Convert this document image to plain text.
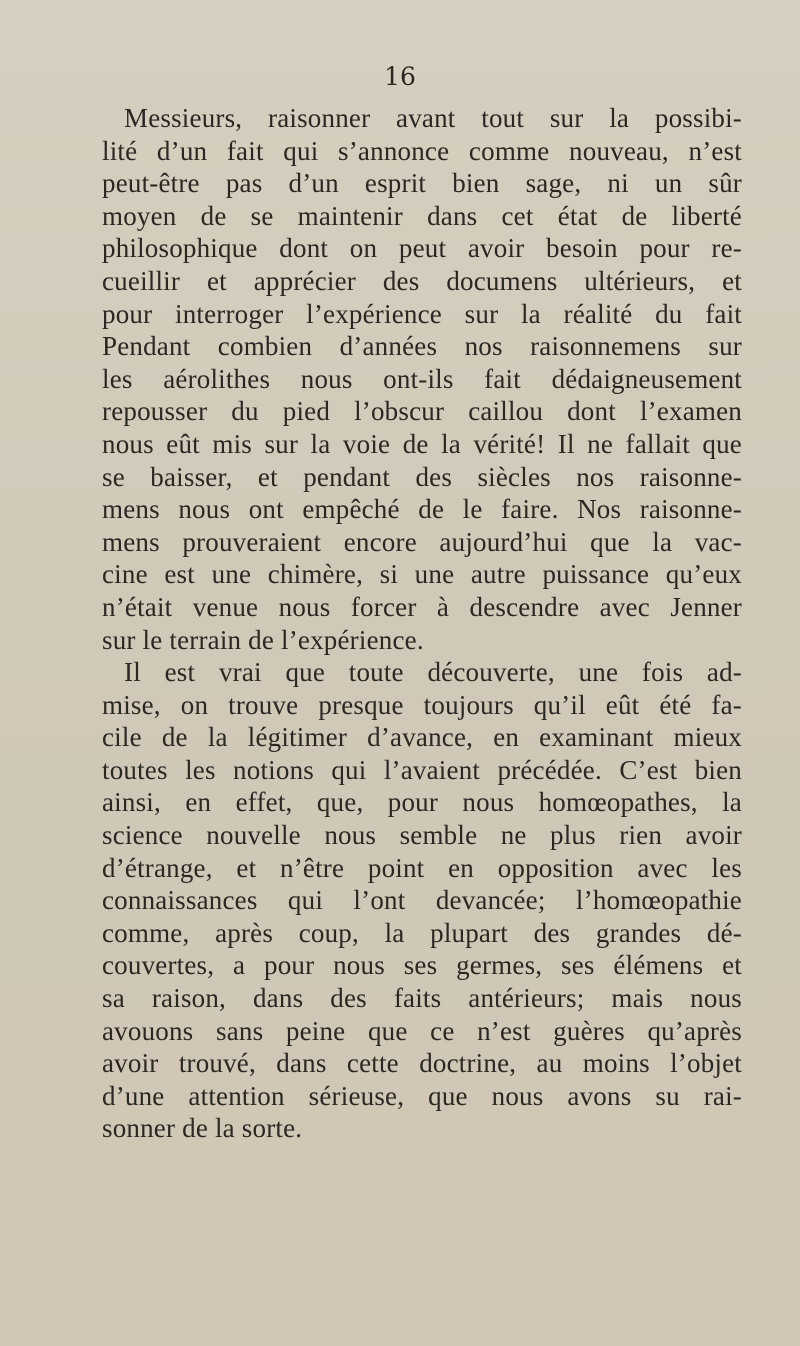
16
Messieurs, raisonner avant tout sur la possibi-
lité d’un fait qui s’annonce comme nouveau, n’est
peut-être pas d’un esprit bien sage, ni un sûr
moyen de se maintenir dans cet état de liberté
philosophique dont on peut avoir besoin pour re-
cueillir et apprécier des documens ultérieurs, et
pour interroger l’expérience sur la réalité du fait
Pendant combien d’années nos raisonnemens sur
les aérolithes nous ont-ils fait dédaigneusement
repousser du pied l’obscur caillou dont l’examen
nous eût mis sur la voie de la vérité! Il ne fallait que
se baisser, et pendant des siècles nos raisonne-
mens nous ont empêché de le faire. Nos raisonne-
mens prouveraient encore aujourd’hui que la vac-
cine est une chimère, si une autre puissance qu’eux
n’était venue nous forcer à descendre avec Jenner
sur le terrain de l’expérience.
Il est vrai que toute découverte, une fois ad-
mise, on trouve presque toujours qu’il eût été fa-
cile de la légitimer d’avance, en examinant mieux
toutes les notions qui l’avaient précédée. C’est bien
ainsi, en effet, que, pour nous homœopathes, la
science nouvelle nous semble ne plus rien avoir
d’étrange, et n’être point en opposition avec les
connaissances qui l’ont devancée; l’homœopathie
comme, après coup, la plupart des grandes dé-
couvertes, a pour nous ses germes, ses élémens et
sa raison, dans des faits antérieurs; mais nous
avouons sans peine que ce n’est guères qu’après
avoir trouvé, dans cette doctrine, au moins l’objet
d’une attention sérieuse, que nous avons su rai-
sonner de la sorte.
